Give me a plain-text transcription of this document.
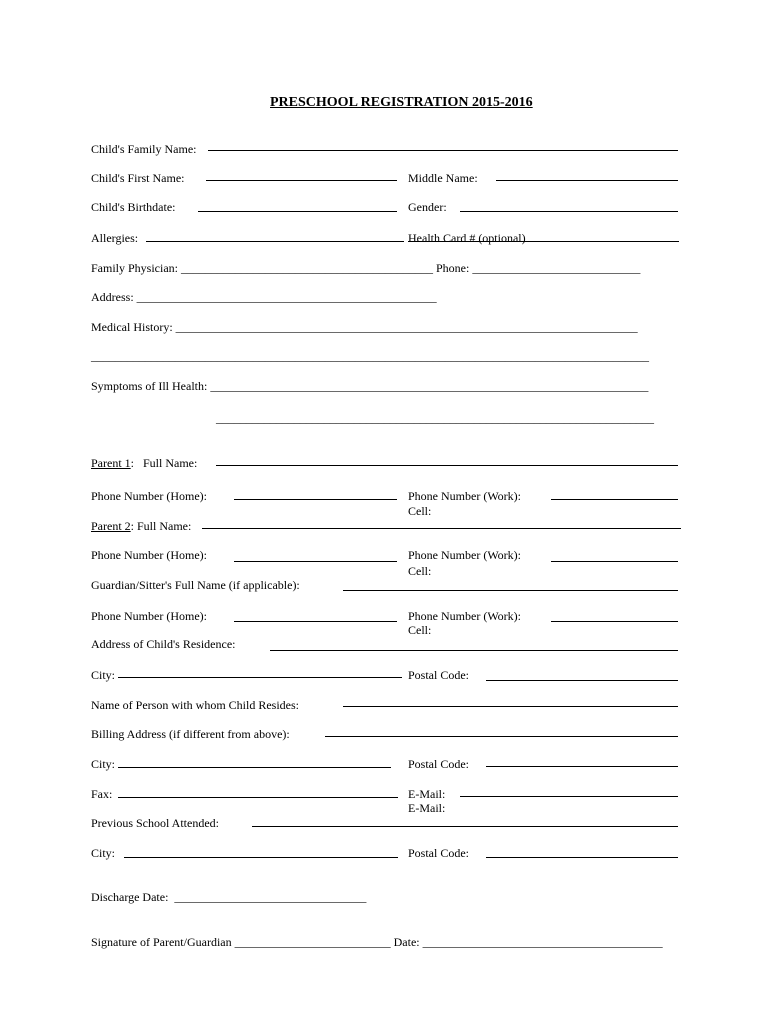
PRESCHOOL REGISTRATION 2015-2016
Child's Family Name:
Child's First Name:	Middle Name:
Child's Birthdate:	Gender:
Allergies:	Health Card # (optional)
Family Physician: __________________________________________ Phone: ____________________________
Address: __________________________________________________
Medical History: _____________________________________________________________________________
_____________________________________________________________________________________________
Symptoms of Ill Health: _________________________________________________________________________
_________________________________________________________________________
Parent 1:   Full Name:
Phone Number (Home):	Phone Number (Work):
Cell:
Parent 2: Full Name:
Phone Number (Home):	Phone Number (Work):
Cell:
Guardian/Sitter's Full Name (if applicable):
Phone Number (Home):	Phone Number (Work):
Cell:
Address of Child's Residence:
City:	Postal Code:
Name of Person with whom Child Resides:
Billing Address (if different from above):
City:	Postal Code:
Fax:	E-Mail:
E-Mail:
Previous School Attended:
City:	Postal Code:
Discharge Date:  ________________________________
Signature of Parent/Guardian __________________________ Date: ________________________________________
